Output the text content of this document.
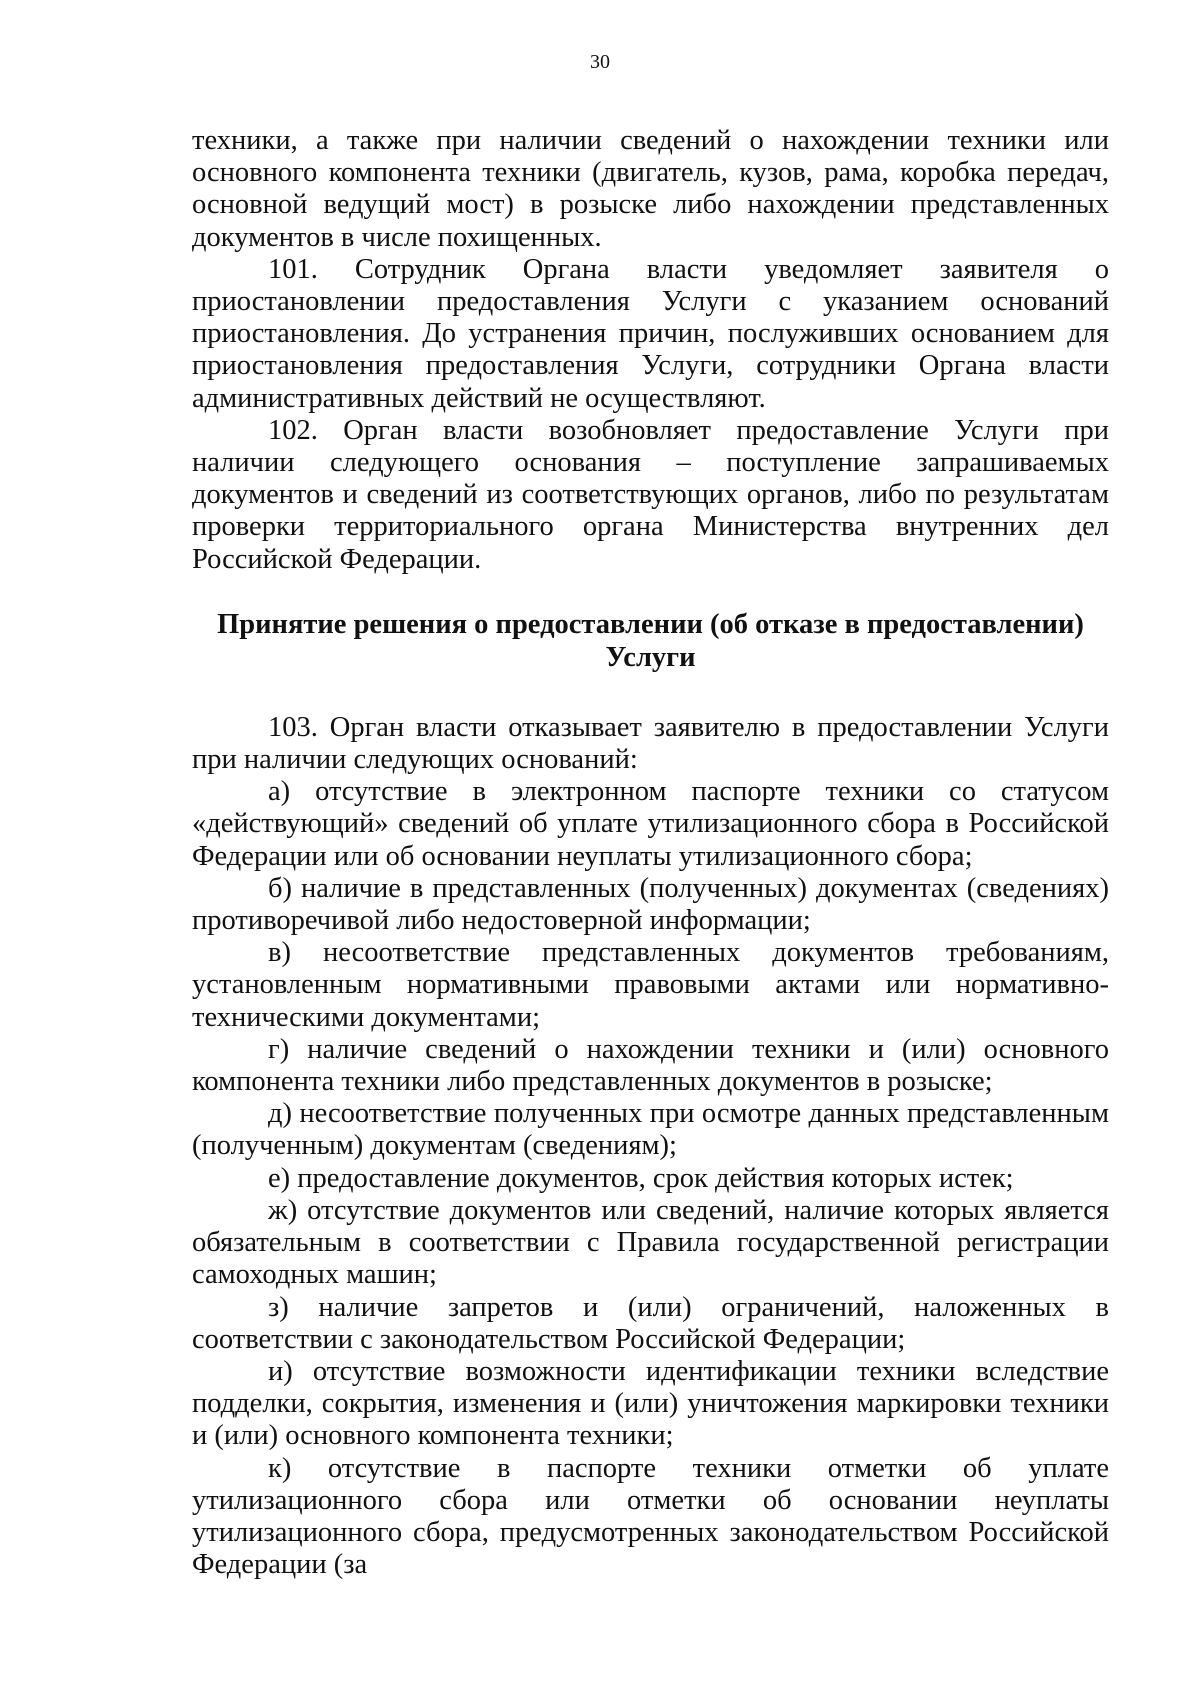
30

техники, а также при наличии сведений о нахождении техники или основного компонента техники (двигатель, кузов, рама, коробка передач, основной ведущий мост) в розыске либо нахождении представленных документов в числе похищенных.

101. Сотрудник Органа власти уведомляет заявителя о приостановлении предоставления Услуги с указанием оснований приостановления. До устранения причин, послуживших основанием для приостановления предоставления Услуги, сотрудники Органа власти административных действий не осуществляют.

102. Орган власти возобновляет предоставление Услуги при наличии следующего основания – поступление запрашиваемых документов и сведений из соответствующих органов, либо по результатам проверки территориального органа Министерства внутренних дел Российской Федерации.

Принятие решения о предоставлении (об отказе в предоставлении)
Услуги

103. Орган власти отказывает заявителю в предоставлении Услуги при наличии следующих оснований:

а) отсутствие в электронном паспорте техники со статусом «действующий» сведений об уплате утилизационного сбора в Российской Федерации или об основании неуплаты утилизационного сбора;

б) наличие в представленных (полученных) документах (сведениях) противоречивой либо недостоверной информации;

в) несоответствие представленных документов требованиям, установленным нормативными правовыми актами или нормативно-техническими документами;

г) наличие сведений о нахождении техники и (или) основного компонента техники либо представленных документов в розыске;

д) несоответствие полученных при осмотре данных представленным (полученным) документам (сведениям);

е) предоставление документов, срок действия которых истек;

ж) отсутствие документов или сведений, наличие которых является обязательным в соответствии с Правила государственной регистрации самоходных машин;

з) наличие запретов и (или) ограничений, наложенных в соответствии с законодательством Российской Федерации;

и) отсутствие возможности идентификации техники вследствие подделки, сокрытия, изменения и (или) уничтожения маркировки техники и (или) основного компонента техники;

к) отсутствие в паспорте техники отметки об уплате утилизационного сбора или отметки об основании неуплаты утилизационного сбора, предусмотренных законодательством Российской Федерации (за
